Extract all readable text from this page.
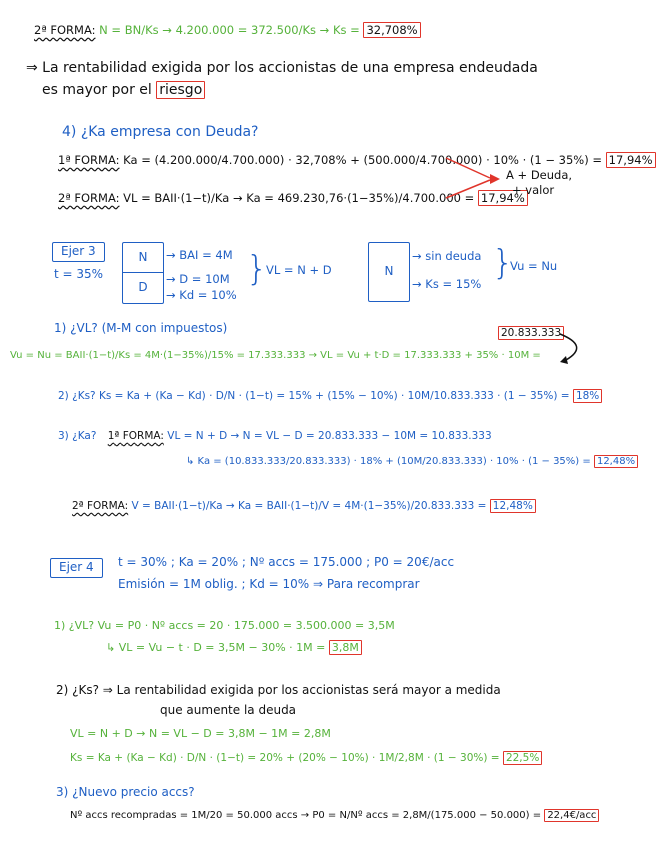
2ª FORMA: N = BN/Ks → 4.200.000 = 372.500/Ks → Ks = 32,708%
⇒ La rentabilidad exigida por los accionistas de una empresa endeudada
es mayor por el riesgo
4) ¿Ka empresa con Deuda?
1ª FORMA: Ka = (4.200.000/4.700.000) · 32,708% + (500.000/4.700.000) · 10% · (1 − 35%) = 17,94%
2ª FORMA: VL = BAII·(1−t)/Ka → Ka = 469.230,76·(1−35%)/4.700.000 = 17,94%
A + Deuda,
+ valor
Ejer 3
t = 35%
N
D
→ BAI = 4M
→ D = 10M
→ Kd = 10%
}
VL = N + D	N
→ sin deuda
→ Ks = 15%
}
Vu = Nu
1) ¿VL? (M-M con impuestos)	20.833.333
Vu = Nu = BAII·(1−t)/Ks = 4M·(1−35%)/15% = 17.333.333 → VL = Vu + t·D = 17.333.333 + 35% · 10M =
2) ¿Ks? Ks = Ka + (Ka − Kd) · D/N · (1−t) = 15% + (15% − 10%) · 10M/10.833.333 · (1 − 35%) = 18%
3) ¿Ka? 1ª FORMA: VL = N + D → N = VL − D = 20.833.333 − 10M = 10.833.333
↳ Ka = (10.833.333/20.833.333) · 18% + (10M/20.833.333) · 10% · (1 − 35%) = 12,48%
2ª FORMA: V = BAII·(1−t)/Ka → Ka = BAII·(1−t)/V = 4M·(1−35%)/20.833.333 = 12,48%
Ejer 4	t = 30% ; Ka = 20% ; Nº accs = 175.000 ; P0 = 20€/acc
Emisión = 1M oblig. ; Kd = 10% ⇒ Para recomprar
1) ¿VL? Vu = P0 · Nº accs = 20 · 175.000 = 3.500.000 = 3,5M
↳ VL = Vu − t · D = 3,5M − 30% · 1M = 3,8M
2) ¿Ks? ⇒ La rentabilidad exigida por los accionistas será mayor a medida
que aumente la deuda
VL = N + D → N = VL − D = 3,8M − 1M = 2,8M
Ks = Ka + (Ka − Kd) · D/N · (1−t) = 20% + (20% − 10%) · 1M/2,8M · (1 − 30%) = 22,5%
3) ¿Nuevo precio accs?
Nº accs recompradas = 1M/20 = 50.000 accs → P0 = N/Nº accs = 2,8M/(175.000 − 50.000) = 22,4€/acc
